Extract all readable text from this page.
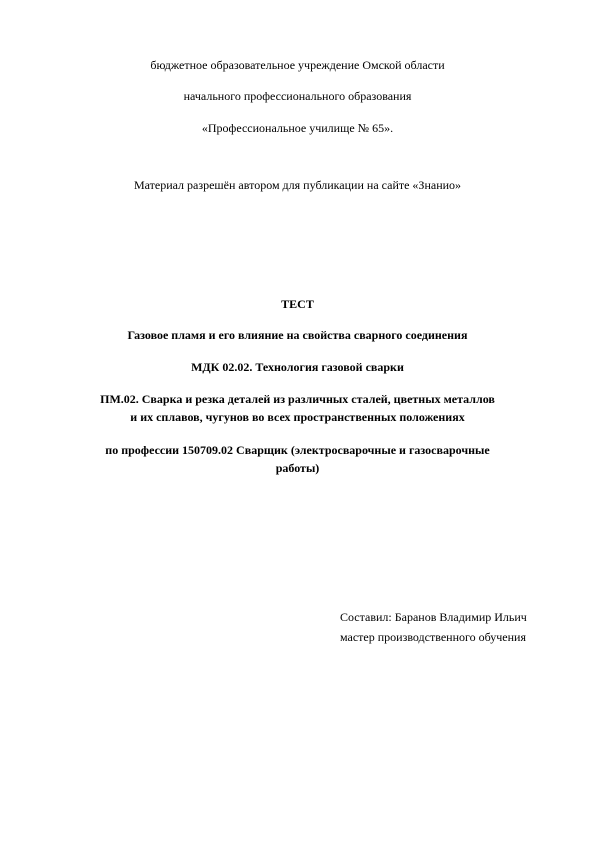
бюджетное образовательное учреждение Омской области
начального профессионального образования
«Профессиональное училище № 65».
Материал разрешён автором для публикации на сайте «Знанио»
ТЕСТ
Газовое пламя и его влияние на свойства сварного соединения
МДК 02.02. Технология газовой сварки
ПМ.02. Сварка и резка деталей из различных сталей, цветных металлов
и их сплавов, чугунов во всех пространственных положениях
по профессии 150709.02 Сварщик (электросварочные и газосварочные
работы)
Составил: Баранов Владимир Ильич
мастер производственного обучения
